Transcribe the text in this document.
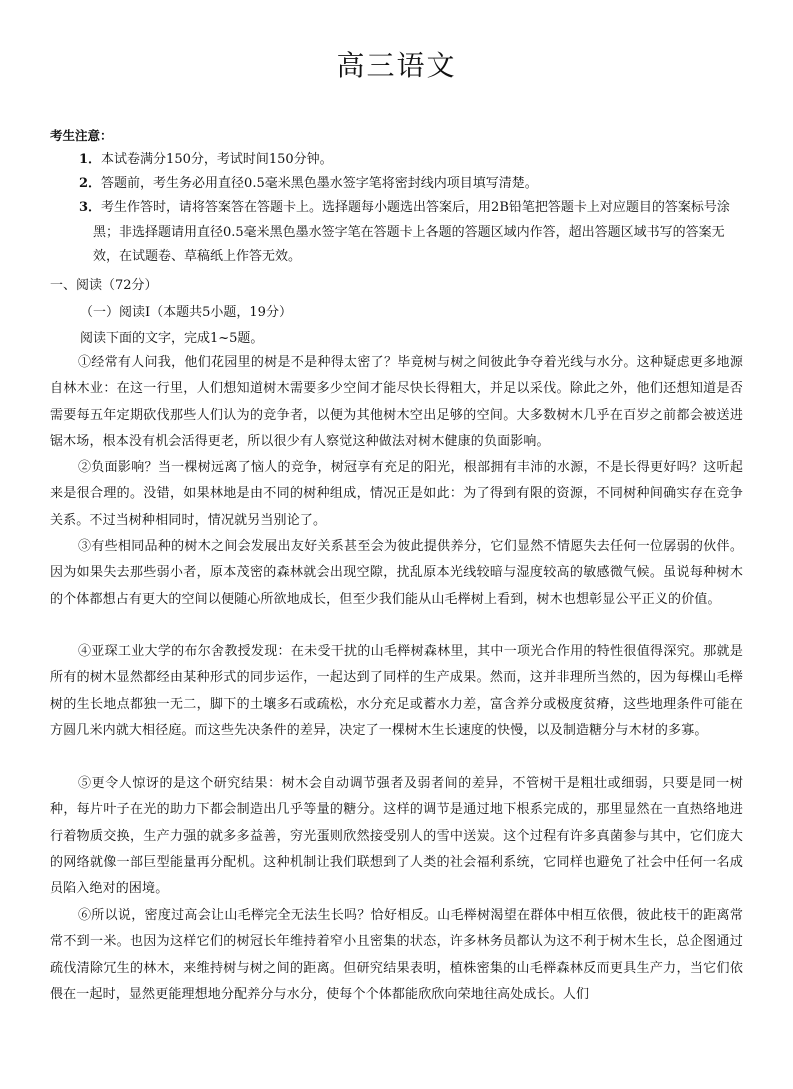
高三语文
考生注意：
1．本试卷满分150分，考试时间150分钟。
2．答题前，考生务必用直径0.5毫米黑色墨水签字笔将密封线内项目填写清楚。
3．考生作答时，请将答案答在答题卡上。选择题每小题选出答案后，用2B铅笔把答题卡上对应题目的答案标号涂黑；非选择题请用直径0.5毫米黑色墨水签字笔在答题卡上各题的答题区域内作答，超出答题区域书写的答案无效，在试题卷、草稿纸上作答无效。
一、阅读（72分）
（一）阅读Ⅰ（本题共5小题，19分）
阅读下面的文字，完成1~5题。
①经常有人问我，他们花园里的树是不是种得太密了？毕竟树与树之间彼此争夺着光线与水分。这种疑虑更多地源自林木业：在这一行里，人们想知道树木需要多少空间才能尽快长得粗大，并足以采伐。除此之外，他们还想知道是否需要每五年定期砍伐那些人们认为的竞争者，以便为其他树木空出足够的空间。大多数树木几乎在百岁之前都会被送进锯木场，根本没有机会活得更老，所以很少有人察觉这种做法对树木健康的负面影响。
②负面影响？当一棵树远离了恼人的竞争，树冠享有充足的阳光，根部拥有丰沛的水源，不是长得更好吗？这听起来是很合理的。没错，如果林地是由不同的树种组成，情况正是如此：为了得到有限的资源，不同树种间确实存在竞争关系。不过当树种相同时，情况就另当别论了。
③有些相同品种的树木之间会发展出友好关系甚至会为彼此提供养分，它们显然不情愿失去任何一位孱弱的伙伴。因为如果失去那些弱小者，原本茂密的森林就会出现空隙，扰乱原本光线较暗与湿度较高的敏感微气候。虽说每种树木的个体都想占有更大的空间以便随心所欲地成长，但至少我们能从山毛榉树上看到，树木也想彰显公平正义的价值。
④亚琛工业大学的布尔舍教授发现：在未受干扰的山毛榉树森林里，其中一项光合作用的特性很值得深究。那就是所有的树木显然都经由某种形式的同步运作，一起达到了同样的生产成果。然而，这并非理所当然的，因为每棵山毛榉树的生长地点都独一无二，脚下的土壤多石或疏松，水分充足或蓄水力差，富含养分或极度贫瘠，这些地理条件可能在方圆几米内就大相径庭。而这些先决条件的差异，决定了一棵树木生长速度的快慢，以及制造糖分与木材的多寡。
⑤更令人惊讶的是这个研究结果：树木会自动调节强者及弱者间的差异，不管树干是粗壮或细弱，只要是同一树种，每片叶子在光的助力下都会制造出几乎等量的糖分。这样的调节是通过地下根系完成的，那里显然在一直热络地进行着物质交换，生产力强的就多多益善，穷光蛋则欣然接受别人的雪中送炭。这个过程有许多真菌参与其中，它们庞大的网络就像一部巨型能量再分配机。这种机制让我们联想到了人类的社会福利系统，它同样也避免了社会中任何一名成员陷入绝对的困境。
⑥所以说，密度过高会让山毛榉完全无法生长吗？恰好相反。山毛榉树渴望在群体中相互依偎，彼此枝干的距离常常不到一米。也因为这样它们的树冠长年维持着窄小且密集的状态，许多林务员都认为这不利于树木生长，总企图通过疏伐清除冗生的林木，来维持树与树之间的距离。但研究结果表明，植株密集的山毛榉森林反而更具生产力，当它们依偎在一起时，显然更能理想地分配养分与水分，使每个个体都能欣欣向荣地往高处成长。人们
